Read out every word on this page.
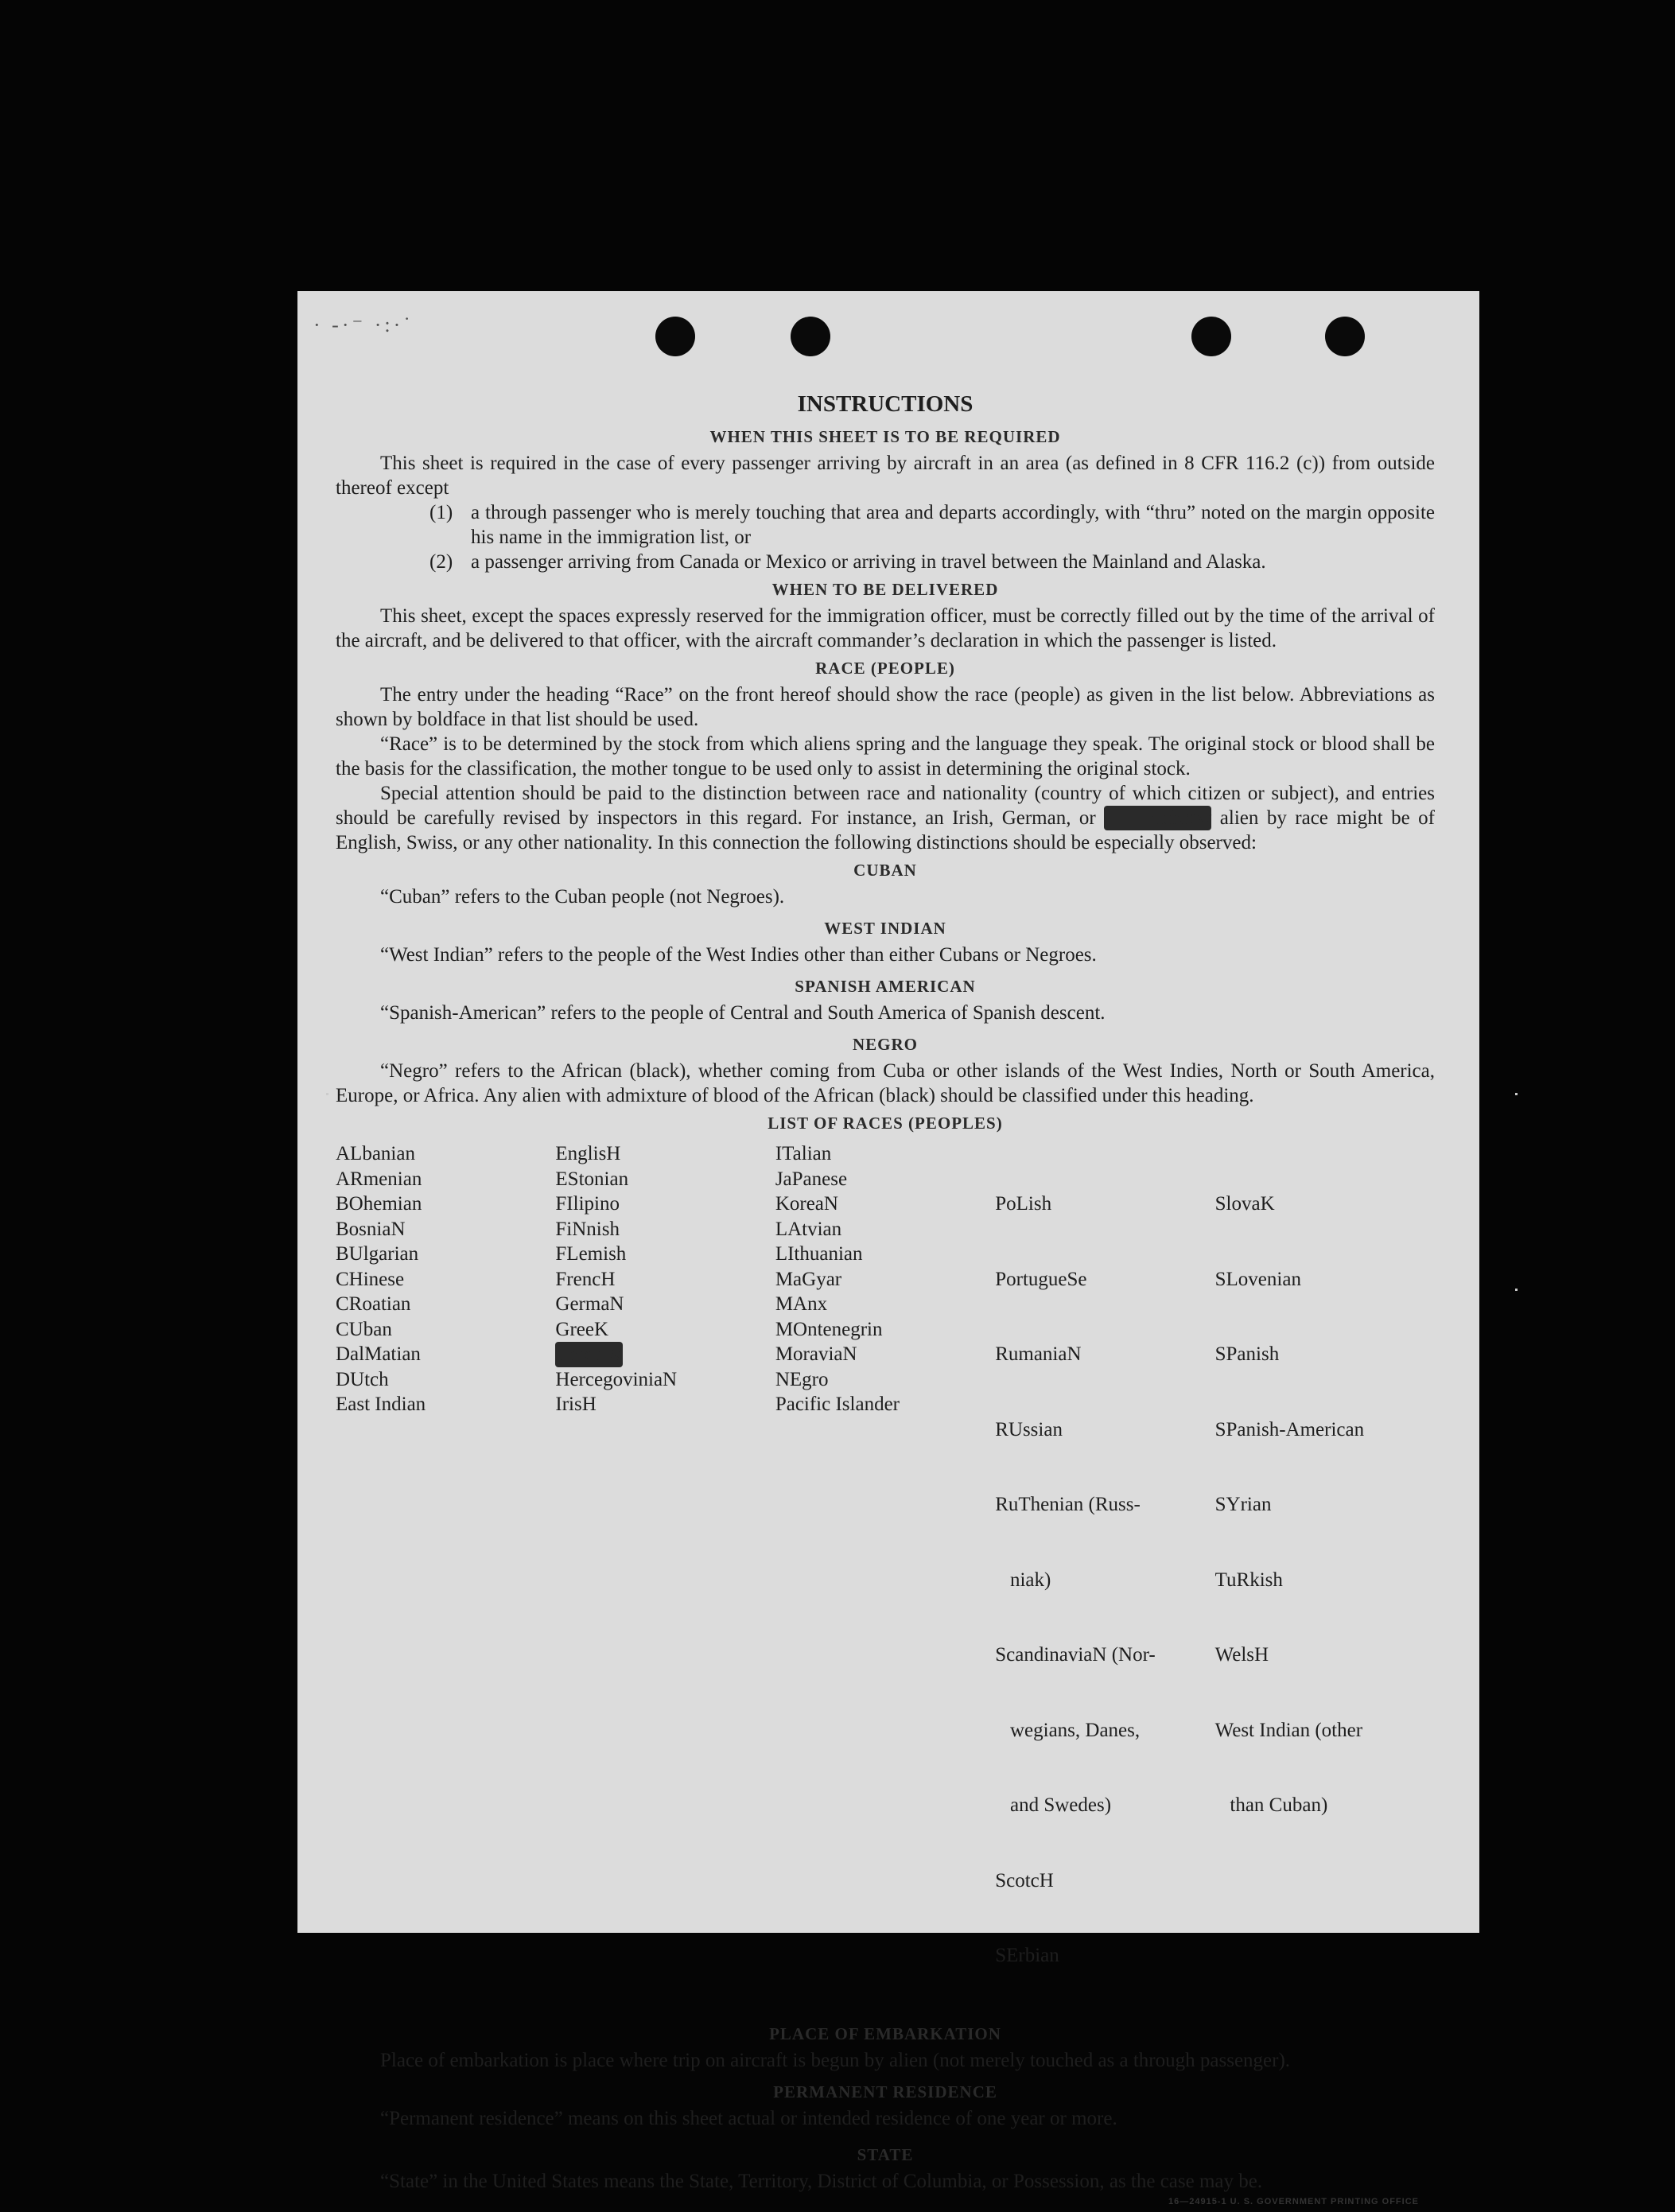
· -·⁻ ·:·˙
INSTRUCTIONS
WHEN THIS SHEET IS TO BE REQUIRED

This sheet is required in the case of every passenger arriving by aircraft in an area (as defined in 8 CFR 116.2 (c)) from outside thereof except

(1) a through passenger who is merely touching that area and departs accordingly, with “thru” noted on the margin opposite his name in the immigration list, or
(2) a passenger arriving from Canada or Mexico or arriving in travel between the Mainland and Alaska.
WHEN TO BE DELIVERED

This sheet, except the spaces expressly reserved for the immigration officer, must be correctly filled out by the time of the arrival of the aircraft, and be delivered to that officer, with the aircraft commander’s declaration in which the passenger is listed.

RACE (PEOPLE)

The entry under the heading “Race” on the front hereof should show the race (people) as given in the list below. Abbreviations as shown by boldface in that list should be used.

“Race” is to be determined by the stock from which aliens spring and the language they speak. The original stock or blood shall be the basis for the classification, the mother tongue to be used only to assist in determining the original stock.

Special attention should be paid to the distinction between race and nationality (country of which citizen or subject), and entries should be carefully revised by inspectors in this regard. For instance, an Irish, German, or	Hebrew alien by race might be of English, Swiss, or any other nationality. In this connection the following distinctions should be especially observed:

CUBAN

“Cuban” refers to the Cuban people (not Negroes).

WEST INDIAN

“West Indian” refers to the people of the West Indies other than either Cubans or Negroes.

SPANISH AMERICAN

“Spanish-American” refers to the people of Central and South America of Spanish descent.

NEGRO

“Negro” refers to the African (black), whether coming from Cuba or other islands of the West Indies, North or South America, Europe, or Africa. Any alien with admixture of blood of the African (black) should be classified under this heading.

LIST OF RACES (PEOPLES)
ALbanian
ARmenian
BOhemian
BosniaN
BUlgarian
CHinese
CRoatian
CUban
DalMatian
DUtch
East Indian
EnglisH
EStonian
FIlipino
FiNnish
FLemish
FrencH
GermaN
GreeK
HebreW
HercegoviniaN
IrisH
ITalian
JaPanese
KoreaN
LAtvian
LIthuanian
MaGyar
MAnx
MOntenegrin
MoraviaN
NEgro
Pacific Islander

PoLish

PortugueSe

RumaniaN

RUssian

RuThenian (Russ-

niak)

ScandinaviaN (Nor-

wegians, Danes,

and Swedes)

ScotcH

SErbian

SlovaK

SLovenian

SPanish

SPanish-American

SYrian

TuRkish

WelsH

West Indian (other

than Cuban)

PLACE OF EMBARKATION

Place of embarkation is place where trip on aircraft is begun by alien (not merely touched as a through passenger).

PERMANENT RESIDENCE

“Permanent residence” means on this sheet actual or intended residence of one year or more.

STATE

“State” in the United States means the State, Territory, District of Columbia, or Possession, as the case may be.

16—24915-1 U. S. GOVERNMENT PRINTING OFFICE
